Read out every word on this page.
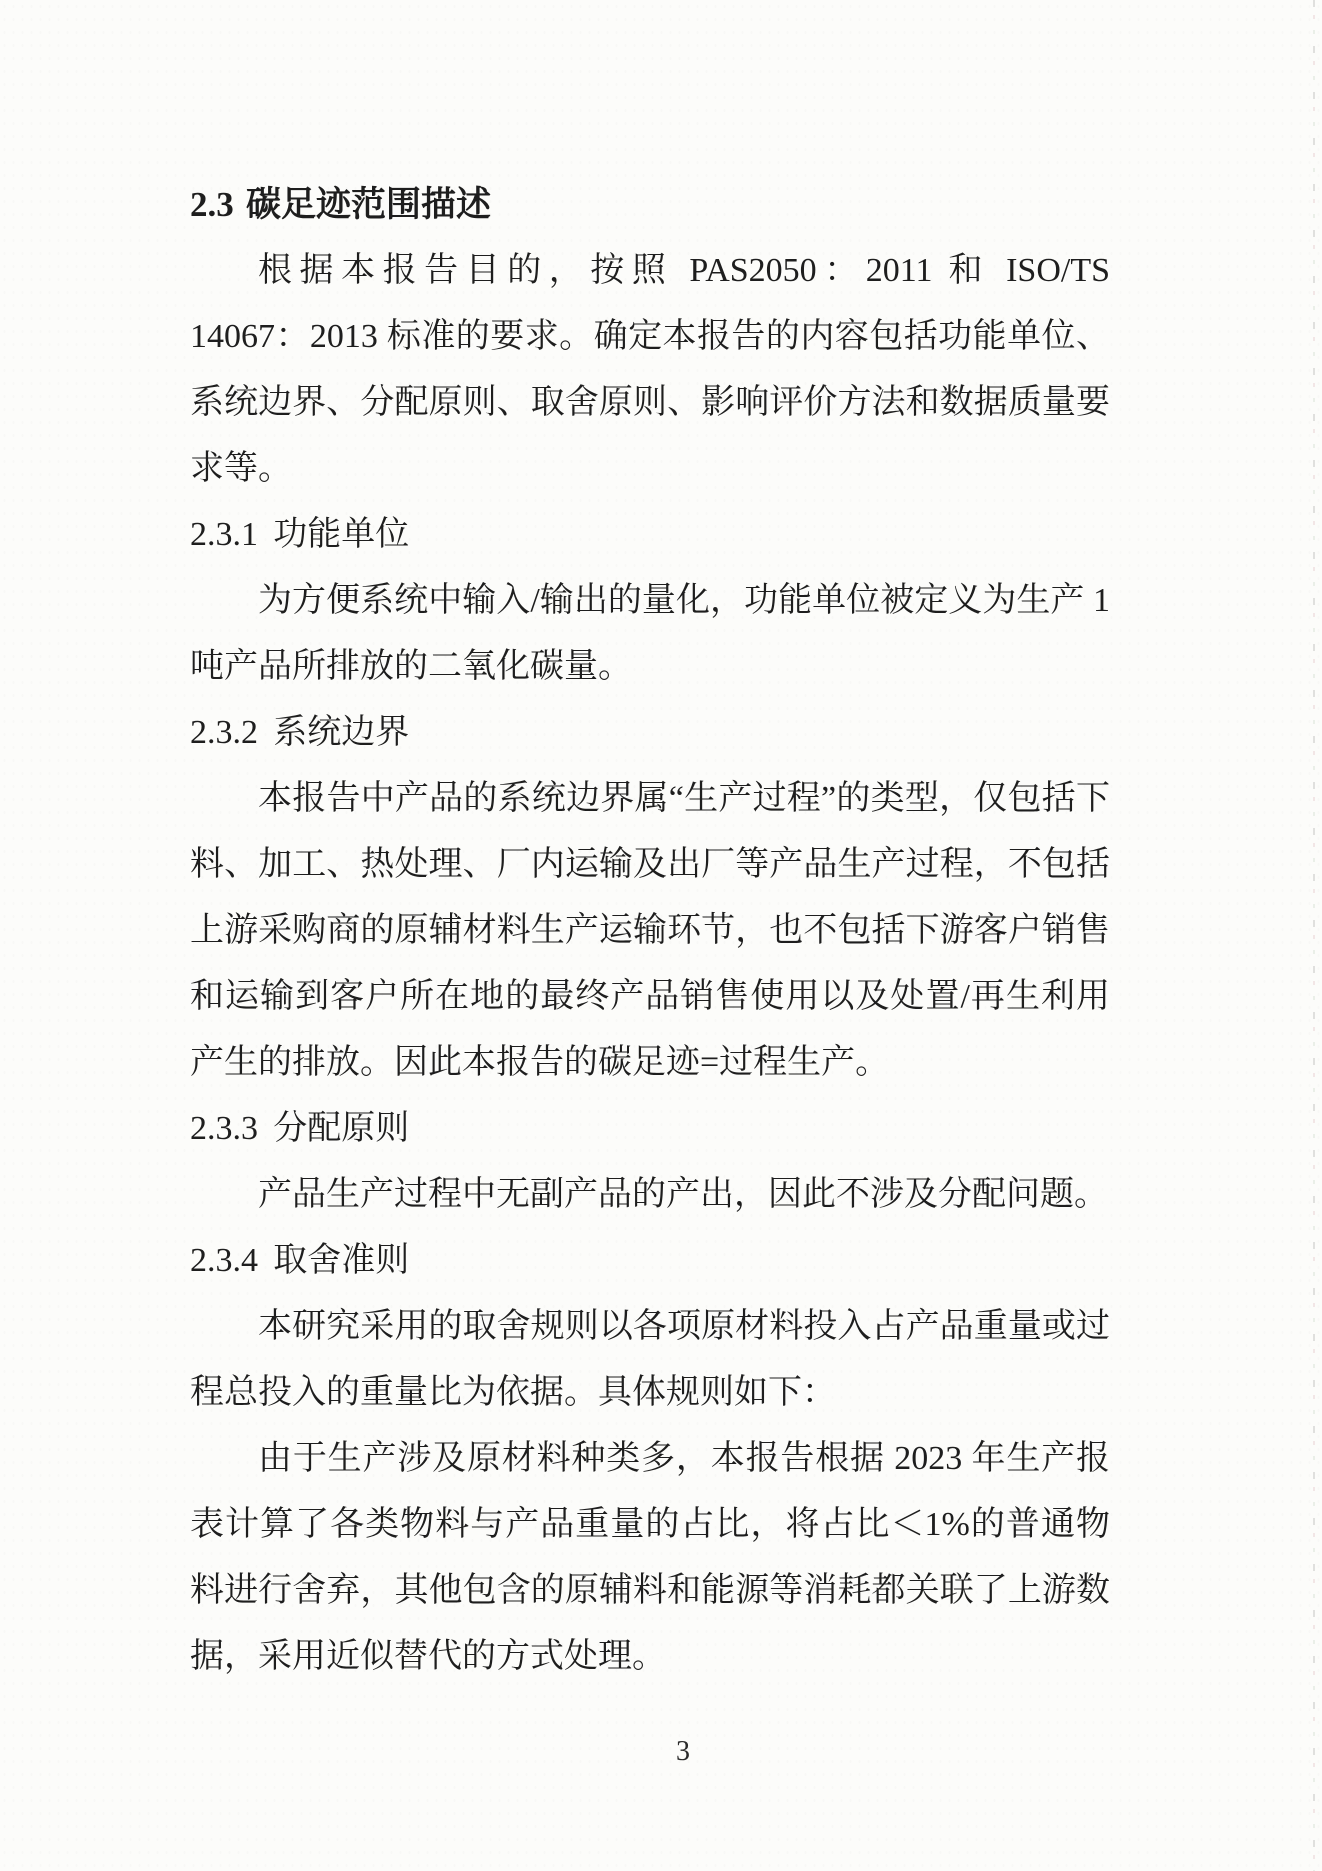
2.3 碳足迹范围描述

根据本报告目的，按照 PAS2050：2011 和 ISO/TS 14067：2013 标准的要求。确定本报告的内容包括功能单位、系统边界、分配原则、取舍原则、影响评价方法和数据质量要求等。

2.3.1 功能单位

为方便系统中输入/输出的量化，功能单位被定义为生产 1 吨产品所排放的二氧化碳量。

2.3.2 系统边界

本报告中产品的系统边界属“生产过程”的类型，仅包括下料、加工、热处理、厂内运输及出厂等产品生产过程，不包括上游采购商的原辅材料生产运输环节，也不包括下游客户销售和运输到客户所在地的最终产品销售使用以及处置/再生利用产生的排放。因此本报告的碳足迹=过程生产。

2.3.3 分配原则

产品生产过程中无副产品的产出，因此不涉及分配问题。

2.3.4 取舍准则

本研究采用的取舍规则以各项原材料投入占产品重量或过程总投入的重量比为依据。具体规则如下：

由于生产涉及原材料种类多，本报告根据 2023 年生产报表计算了各类物料与产品重量的占比，将占比＜1%的普通物料进行舍弃，其他包含的原辅料和能源等消耗都关联了上游数据，采用近似替代的方式处理。

3
